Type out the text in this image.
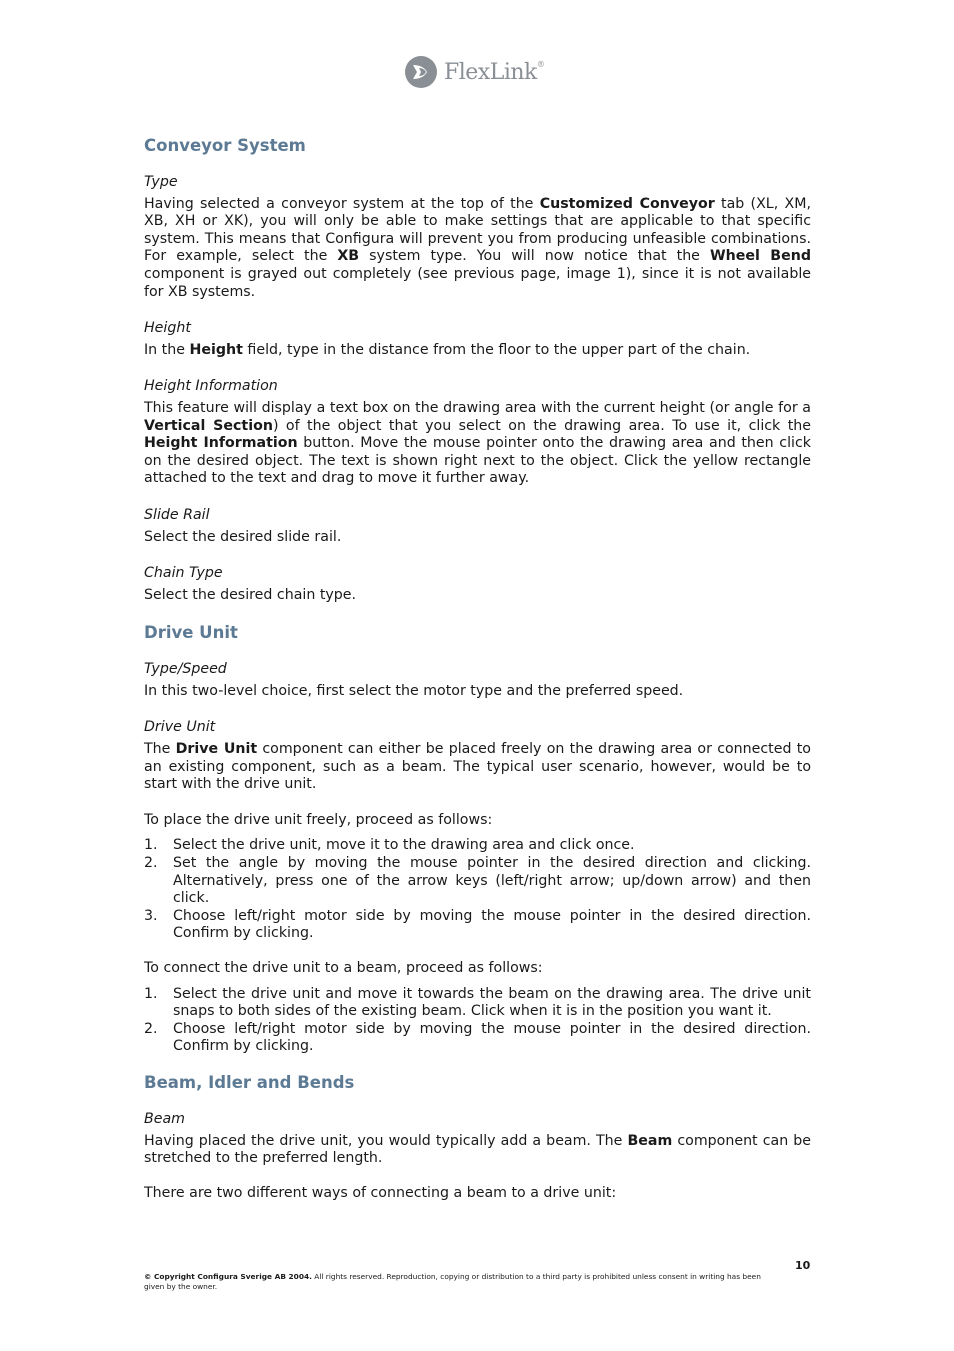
FlexLink®
Conveyor System
Type

Having selected a conveyor system at the top of the Customized Conveyor tab (XL, XM, XB, XH or XK), you will only be able to make settings that are applicable to that specific system. This means that Configura will prevent you from producing unfeasible combinations. For example, select the XB system type. You will now notice that the Wheel Bend component is grayed out completely (see previous page, image 1), since it is not available for XB systems.

Height

In the Height field, type in the distance from the floor to the upper part of the chain.

Height Information

This feature will display a text box on the drawing area with the current height (or angle for a Vertical Section) of the object that you select on the drawing area. To use it, click the Height Information button. Move the mouse pointer onto the drawing area and then click on the desired object. The text is shown right next to the object. Click the yellow rectangle attached to the text and drag to move it further away.

Slide Rail

Select the desired slide rail.

Chain Type

Select the desired chain type.

Drive Unit
Type/Speed

In this two-level choice, first select the motor type and the preferred speed.

Drive Unit

The Drive Unit component can either be placed freely on the drawing area or connected to an existing component, such as a beam. The typical user scenario, however, would be to start with the drive unit.

To place the drive unit freely, proceed as follows:

1. Select the drive unit, move it to the drawing area and click once.
2. Set the angle by moving the mouse pointer in the desired direction and clicking. Alternatively, press one of the arrow keys (left/right arrow; up/down arrow) and then click.
3. Choose left/right motor side by moving the mouse pointer in the desired direction. Confirm by clicking.

To connect the drive unit to a beam, proceed as follows:

1. Select the drive unit and move it towards the beam on the drawing area. The drive unit snaps to both sides of the existing beam. Click when it is in the position you want it.
2. Choose left/right motor side by moving the mouse pointer in the desired direction. Confirm by clicking.
Beam, Idler and Bends
Beam

Having placed the drive unit, you would typically add a beam. The Beam component can be stretched to the preferred length.

There are two different ways of connecting a beam to a drive unit:

10
© Copyright Configura Sverige AB 2004. All rights reserved. Reproduction, copying or distribution to a third party is prohibited unless consent in writing has been given by the owner.
